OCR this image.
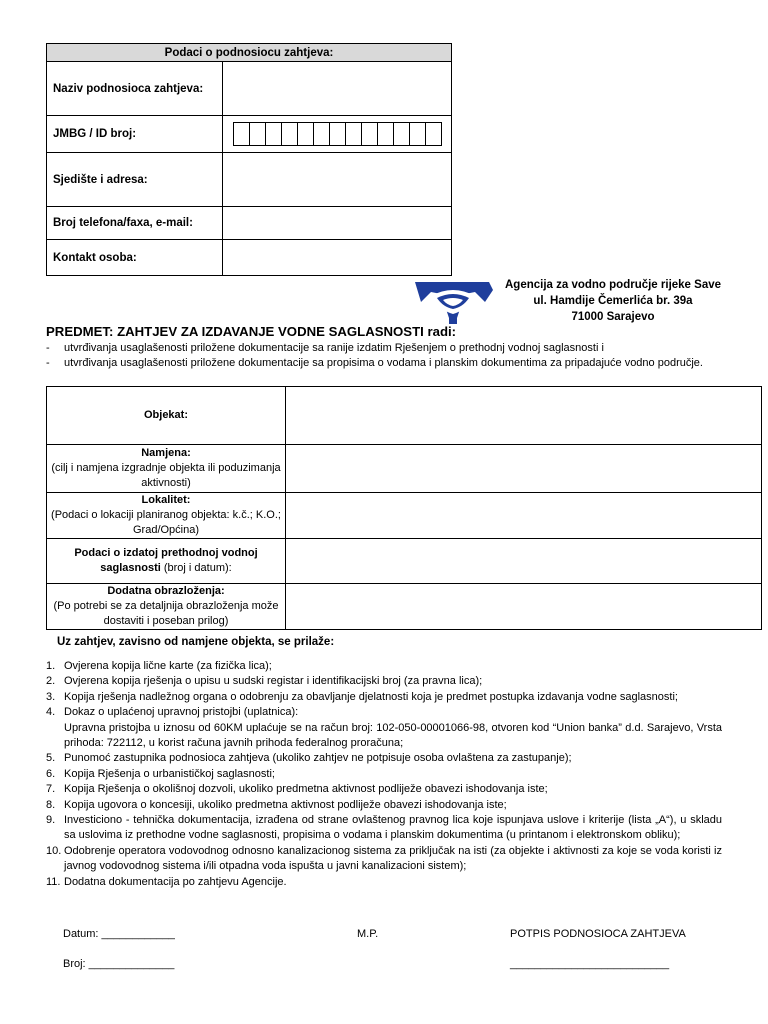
Podaci o podnosiocu zahtjeva:	
Naziv podnosioca zahtjeva:	
JMBG / ID broj:	

Sjedište i adresa:	
Broj telefona/faxa, e-mail:	
Kontakt osoba:	
Agencija za vodno područje rijeke Save
ul. Hamdije Čemerlića br. 39a
71000 Sarajevo
PREDMET: ZAHTJEV ZA IZDAVANJE VODNE SAGLASNOSTI radi:
- utvrđivanja usaglašenosti priložene dokumentacije sa ranije izdatim Rješenjem o prethodnj vodnoj saglasnosti i
- utvrđivanja usaglašenosti priložene dokumentacije sa propisima o vodama i planskim dokumentima za pripadajuće vodno područje.
Objekat:	
Namjena:
(cilj i namjena izgradnje objekta ili poduzimanja aktivnosti)	
Lokalitet:
(Podaci o lokaciji planiranog objekta: k.č.; K.O.; Grad/Općina)	
Podaci o izdatoj prethodnoj vodnoj saglasnosti (broj i datum):	
Dodatna obrazloženja:
(Po potrebi se za detaljnija obrazloženja može dostaviti i poseban prilog)	
Uz zahtjev, zavisno od namjene objekta, se prilaže:
1. Ovjerena kopija lične karte (za fizička lica);
2. Ovjerena kopija rješenja o upisu u sudski registar i identifikacijski broj (za pravna lica);
3. Kopija rješenja nadležnog organa o odobrenju za obavljanje djelatnosti koja je predmet postupka izdavanja vodne saglasnosti;
4. Dokaz o uplaćenoj upravnoj pristojbi (uplatnica):
Upravna pristojba u iznosu od 60KM uplaćuje se na račun broj: 102-050-00001066-98, otvoren kod “Union banka” d.d. Sarajevo, Vrsta prihoda: 722112, u korist računa javnih prihoda federalnog proračuna;
5. Punomoć zastupnika podnosioca zahtjeva (ukoliko zahtjev ne potpisuje osoba ovlaštena za zastupanje);
6. Kopija Rješenja o urbanističkoj saglasnosti;
7. Kopija Rješenja o okolišnoj dozvoli, ukoliko predmetna aktivnost podliježe obavezi ishodovanja iste;
8. Kopija ugovora o koncesiji, ukoliko predmetna aktivnost podliježe obavezi ishodovanja iste;
9. Investiciono - tehnička dokumentacija, izrađena od strane ovlaštenog pravnog lica koje ispunjava uslove i kriterije (lista „A“), u skladu sa uslovima iz prethodne vodne saglasnosti, propisima o vodama i planskim dokumentima (u printanom i elektronskom obliku);
10. Odobrenje operatora vodovodnog odnosno kanalizacionog sistema za priključak na isti (za objekte i aktivnosti za koje se voda koristi iz javnog vodovodnog sistema i/ili otpadna voda ispušta u javni kanalizacioni sistem);
11. Dodatna dokumentacija po zahtjevu Agencije.
Datum: ____________	M.P.	POTPIS PODNOSIOCA ZAHTJEVA
Broj: ______________	__________________________
